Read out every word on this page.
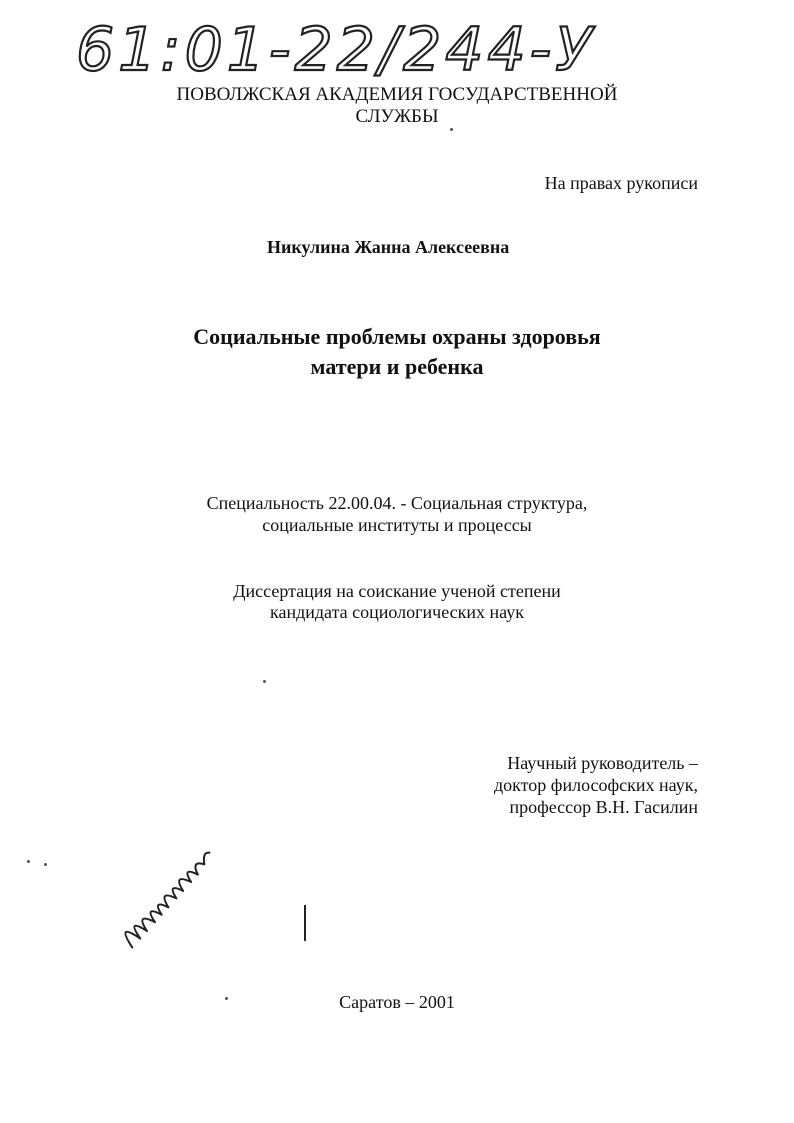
61:01-22/244-У
ПОВОЛЖСКАЯ АКАДЕМИЯ ГОСУДАРСТВЕННОЙ
СЛУЖБЫ
На правах рукописи
Никулина Жанна Алексеевна
Социальные проблемы охраны здоровья
матери и ребенка
Специальность 22.00.04. - Социальная структура,
социальные институты и процессы
Диссертация на соискание ученой степени
кандидата социологических наук
Научный руководитель –
доктор философских наук,
профессор В.Н. Гасилин
Саратов – 2001
